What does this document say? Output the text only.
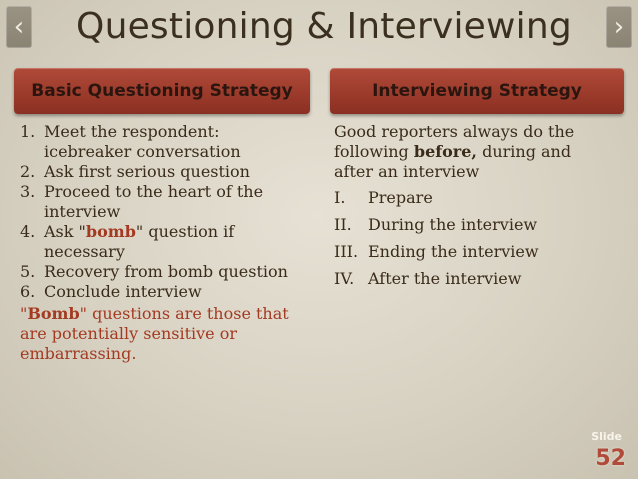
‹	›
Questioning & Interviewing
Basic Questioning Strategy	Interviewing Strategy
1. Meet the respondent: icebreaker conversation
2. Ask first serious question
3. Proceed to the heart of the interview
4. Ask "bomb" question if necessary
5. Recovery from bomb question
6. Conclude interview
"Bomb" questions are those that are potentially sensitive or embarrassing.
Good reporters always do the following before, during and after an interview
I.	Prepare
II.	During the interview
III. Ending the interview
IV. After the interview
Slide
52
